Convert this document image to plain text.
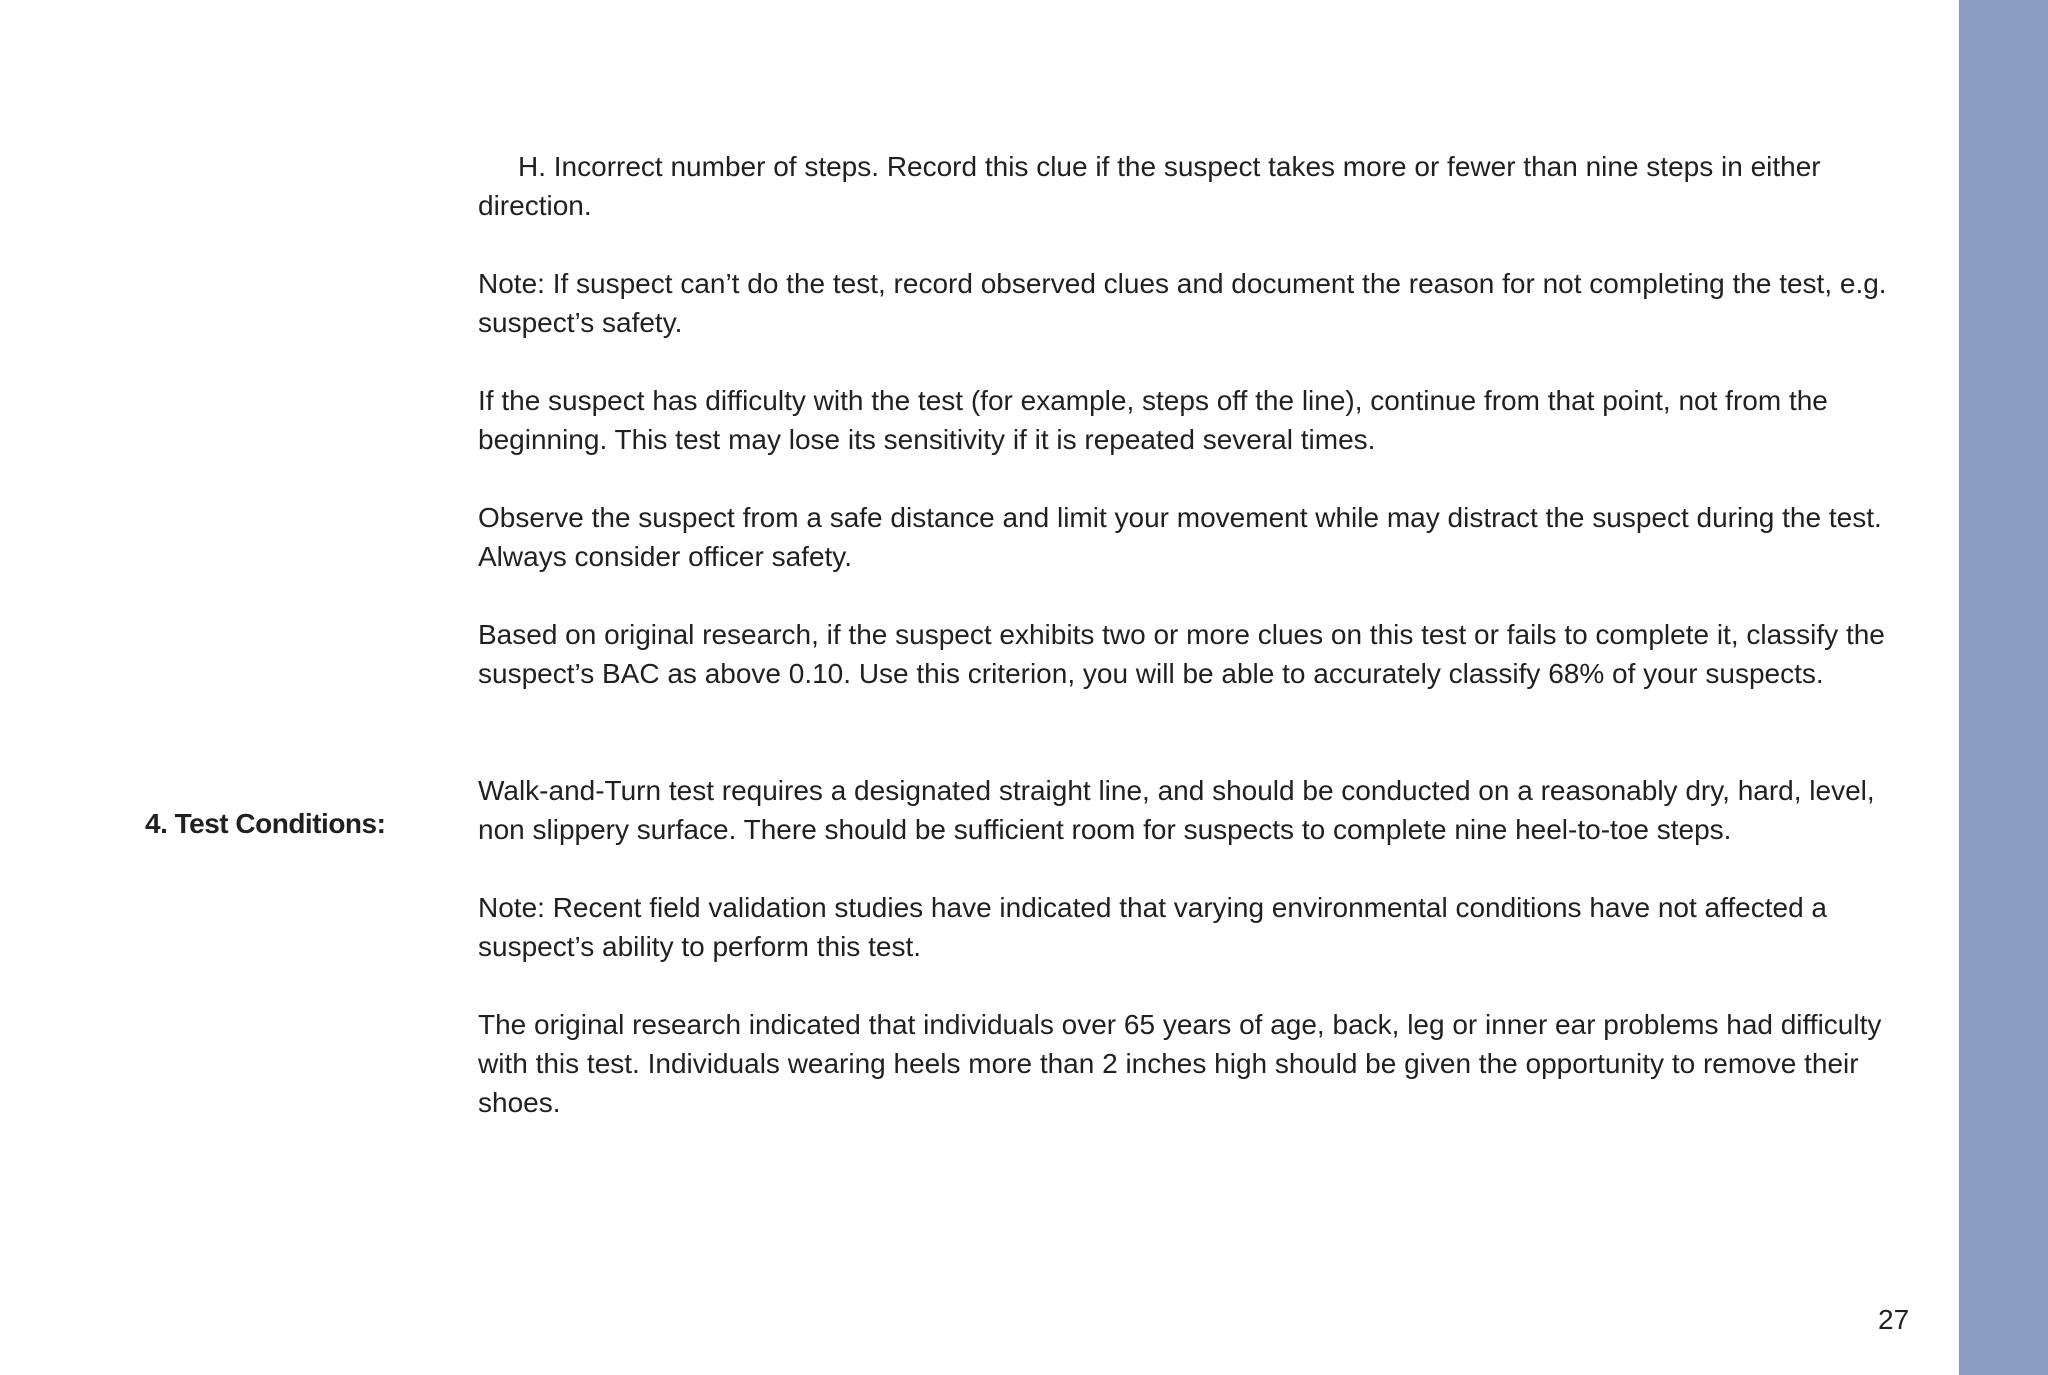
H. Incorrect number of steps. Record this clue if the suspect takes more or fewer than nine steps in either direction.

Note: If suspect can’t do the test, record observed clues and document the reason for not completing the test, e.g. suspect’s safety.

If the suspect has difficulty with the test (for example, steps off the line), continue from that point, not from the beginning. This test may lose its sensitivity if it is repeated several times.

Observe the suspect from a safe distance and limit your movement while may distract the suspect during the test. Always consider officer safety.

Based on original research, if the suspect exhibits two or more clues on this test or fails to complete it, classify the suspect’s BAC as above 0.10. Use this criterion, you will be able to accurately classify 68% of your suspects.

Walk-and-Turn test requires a designated straight line, and should be conducted on a reasonably dry, hard, level, non slippery surface. There should be sufficient room for suspects to complete nine heel-to-toe steps.

Note: Recent field validation studies have indicated that varying environmental conditions have not affected a suspect’s ability to perform this test.

The original research indicated that individuals over 65 years of age, back, leg or inner ear problems had difficulty with this test. Individuals wearing heels more than 2 inches high should be given the opportunity to remove their shoes.

4. Test Conditions:

27
